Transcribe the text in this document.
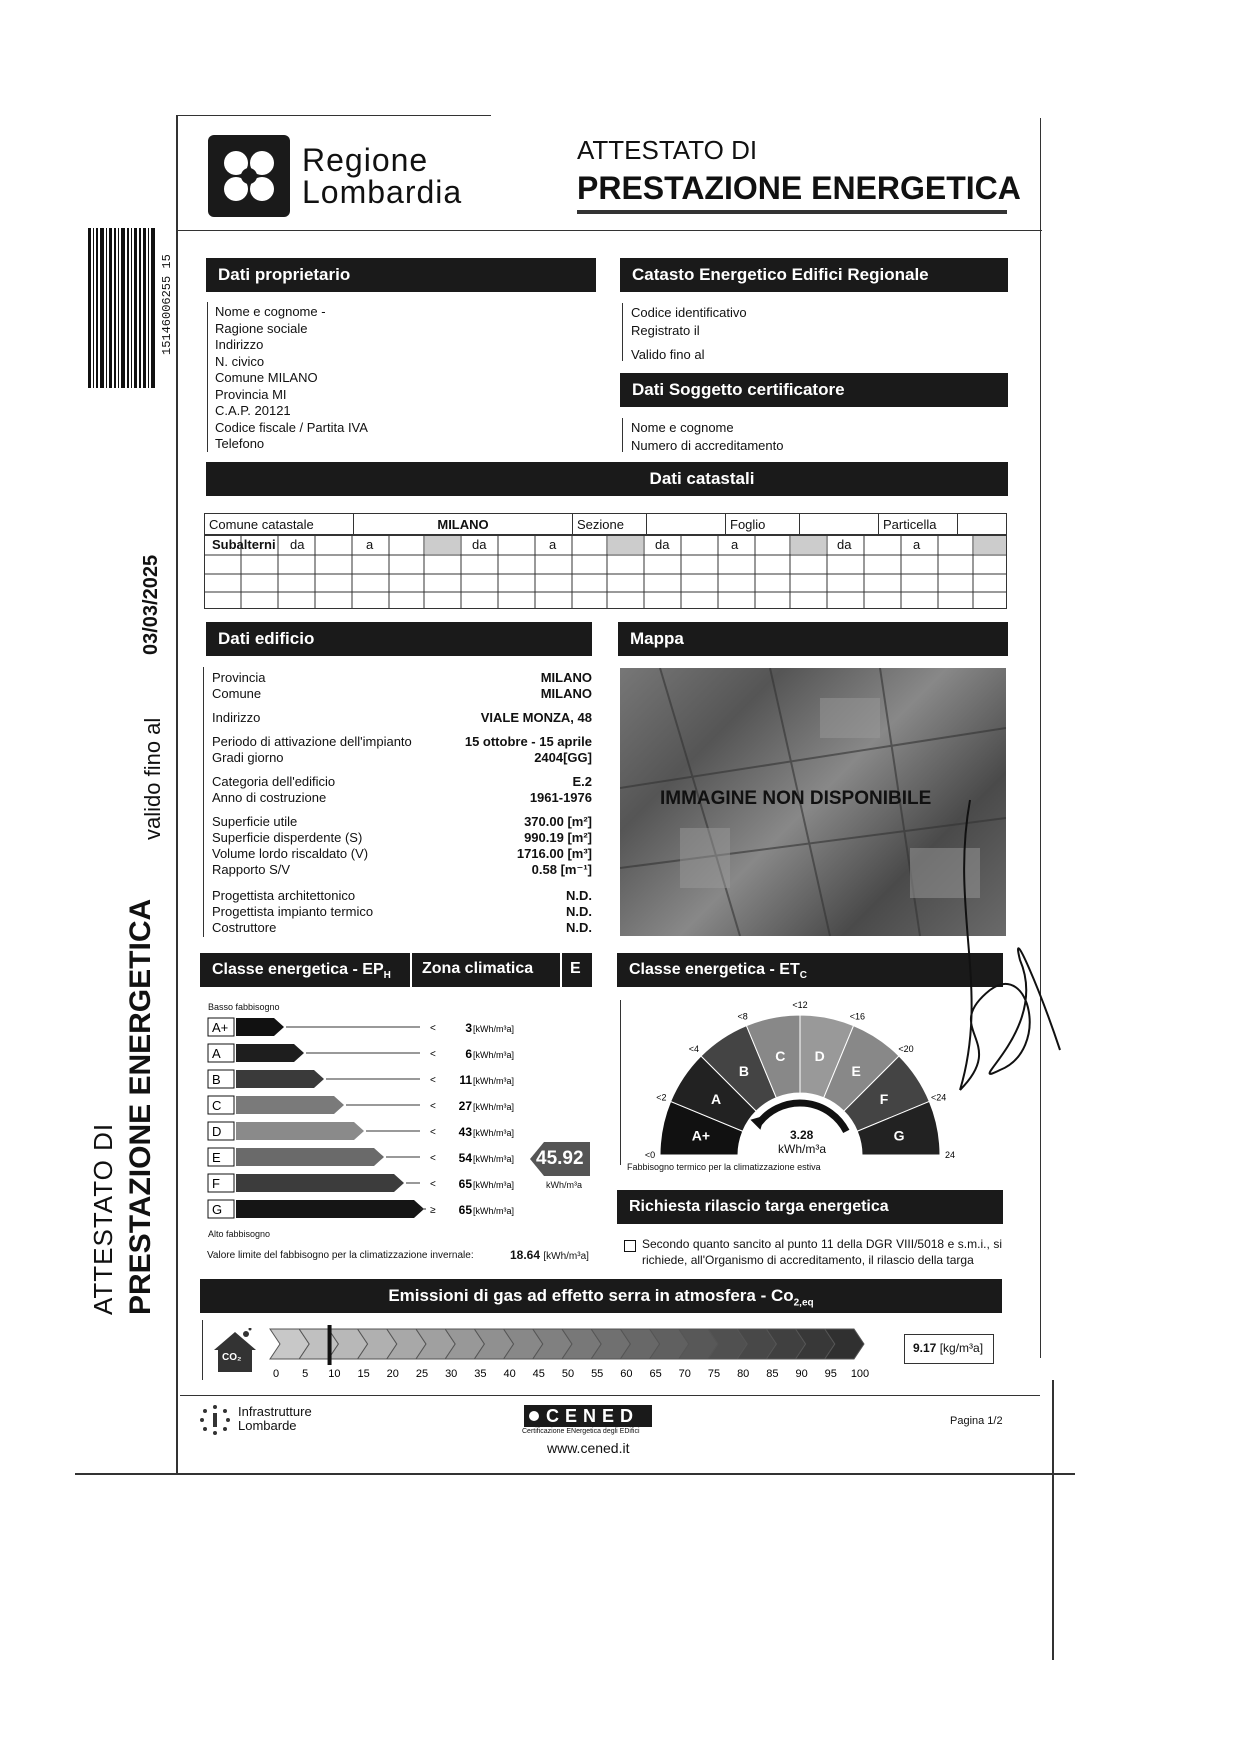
15146006255 15
valido fino al
03/03/2025
ATTESTATO DI PRESTAZIONE ENERGETICA
Regione
Lombardia
ATTESTATO DI
PRESTAZIONE ENERGETICA
Dati proprietario
Nome e cognome -
Ragione sociale
Indirizzo
N. civico
Comune MILANO
Provincia MI
C.A.P. 20121
Codice fiscale / Partita IVA
Telefono
Catasto Energetico Edifici Regionale
Codice identificativo
Registrato il
Valido fino al
Dati Soggetto certificatore
Nome e cognome
Numero di accreditamento
Dati catastali
Comune catastale	MILANO	Sezione		Foglio		Particella	
Subalterni da	a	da	a	da	a	da	a
Dati edificio
Provincia	MILANO
Comune	MILANO
Indirizzo	VIALE MONZA, 48
Periodo di attivazione dell'impianto	15 ottobre - 15 aprile
Gradi giorno	2404[GG]
Categoria dell'edificio	E.2
Anno di costruzione	1961-1976
Superficie utile	370.00 [m²]
Superficie disperdente (S)	990.19 [m²]
Volume lordo riscaldato (V)	1716.00 [m³]
Rapporto S/V	0.58 [m⁻¹]
Progettista architettonico	N.D.
Progettista impianto termico	N.D.
Costruttore	N.D.
Mappa
IMMAGINE NON DISPONIBILE
Classe energetica - $EP_H$	Zona climatica E
Basso fabbisogno
A+	< 3 [kWh/m³a]
A	< 6 [kWh/m³a]
B	< 11 [kWh/m³a]
C	< 27 [kWh/m³a]
D	< 43 [kWh/m³a]
E	< 54 [kWh/m³a]
F	< 65 [kWh/m³a]
G	≥ 65 [kWh/m³a]
Alto fabbisogno
45.92
kWh/m³a
Valore limite del fabbisogno per la climatizzazione invernale:	18.64 [kWh/m³a]
Classe energetica - $ET_C$
A+
A
B
C D
E
F
G
<0
<2
<4
<8
<12
<16
<20
<24
24
3.28
kWh/m³a
Fabbisogno termico per la climatizzazione estiva
Richiesta rilascio targa energetica
Secondo quanto sancito al punto 11 della DGR VIII/5018 e s.m.i., si richiede, all'Organismo di accreditamento, il rilascio della targa
Emissioni di gas ad effetto serra in atmosfera - $Co_{2,eq}$
CO₂
0 5 10 15 20 25 30 35 40 45 50 55 60 65 70 75 80 85 90 95 100
9.17 [kg/m³a]
Infrastrutture
Lombarde	CENED
Certificazione ENergetica degli EDifici
www.cened.it
Pagina 1/2
